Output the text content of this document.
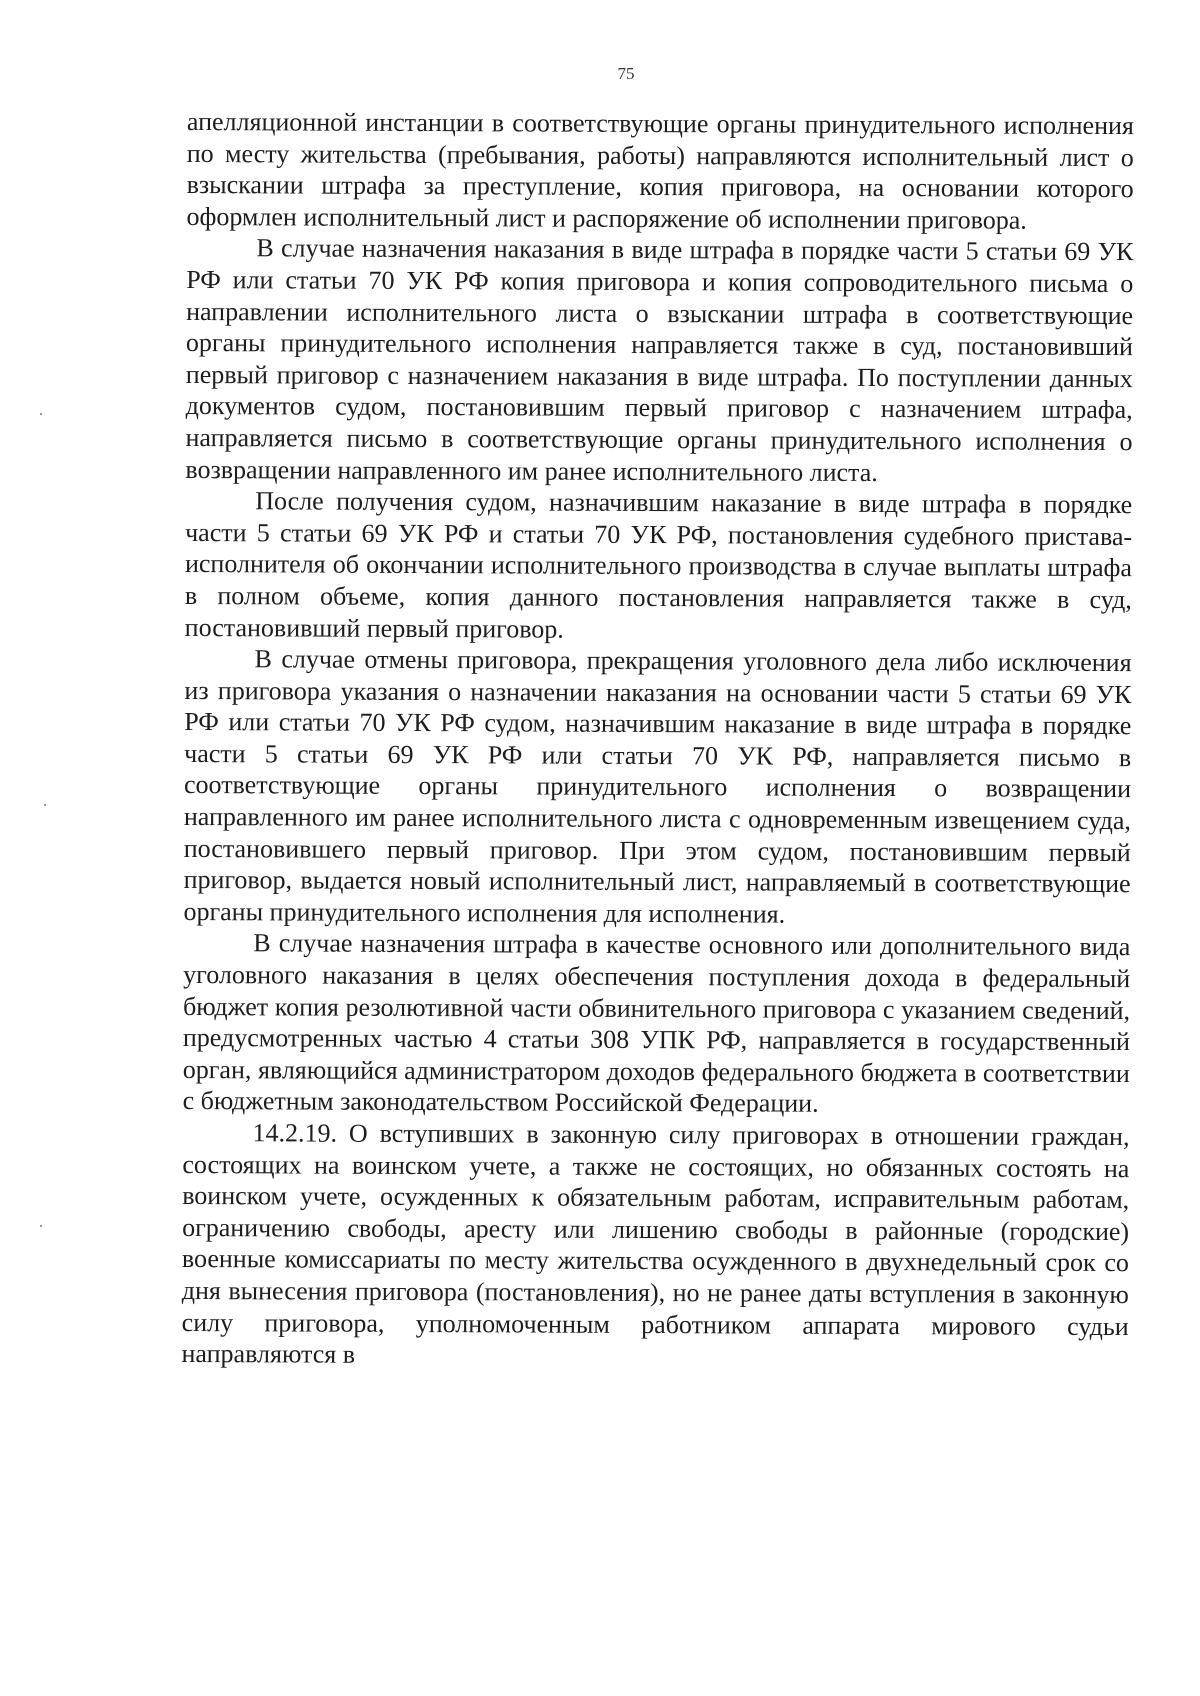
75

апелляционной инстанции в соответствующие органы принудительного исполнения по месту жительства (пребывания, работы) направляются исполнительный лист о взыскании штрафа за преступление, копия приговора, на основании которого оформлен исполнительный лист и распоряжение об исполнении приговора.

В случае назначения наказания в виде штрафа в порядке части 5 статьи 69 УК РФ или статьи 70 УК РФ копия приговора и копия сопроводительного письма о направлении исполнительного листа о взыскании штрафа в соответствующие органы принудительного исполнения направляется также в суд, постановивший первый приговор с назначением наказания в виде штрафа. По поступлении данных документов судом, постановившим первый приговор с назначением штрафа, направляется письмо в соответствующие органы принудительного исполнения о возвращении направленного им ранее исполнительного листа.

После получения судом, назначившим наказание в виде штрафа в порядке части 5 статьи 69 УК РФ и статьи 70 УК РФ, постановления судебного пристава-исполнителя об окончании исполнительного производства в случае выплаты штрафа в полном объеме, копия данного постановления направляется также в суд, постановивший первый приговор.

В случае отмены приговора, прекращения уголовного дела либо исключения из приговора указания о назначении наказания на основании части 5 статьи 69 УК РФ или статьи 70 УК РФ судом, назначившим наказание в виде штрафа в порядке части 5 статьи 69 УК РФ или статьи 70 УК РФ, направляется письмо в соответствующие органы принудительного исполнения о возвращении направленного им ранее исполнительного листа с одновременным извещением суда, постановившего первый приговор. При этом судом, постановившим первый приговор, выдается новый исполнительный лист, направляемый в соответствующие органы принудительного исполнения для исполнения.

В случае назначения штрафа в качестве основного или дополнительного вида уголовного наказания в целях обеспечения поступления дохода в федеральный бюджет копия резолютивной части обвинительного приговора с указанием сведений, предусмотренных частью 4 статьи 308 УПК РФ, направляется в государственный орган, являющийся администратором доходов федерального бюджета в соответствии с бюджетным законодательством Российской Федерации.

14.2.19. О вступивших в законную силу приговорах в отношении граждан, состоящих на воинском учете, а также не состоящих, но обязанных состоять на воинском учете, осужденных к обязательным работам, исправительным работам, ограничению свободы, аресту или лишению свободы в районные (городские) военные комиссариаты по месту жительства осужденного в двухнедельный срок со дня вынесения приговора (постановления), но не ранее даты вступления в законную силу приговора, уполномоченным работником аппарата мирового судьи направляются в
